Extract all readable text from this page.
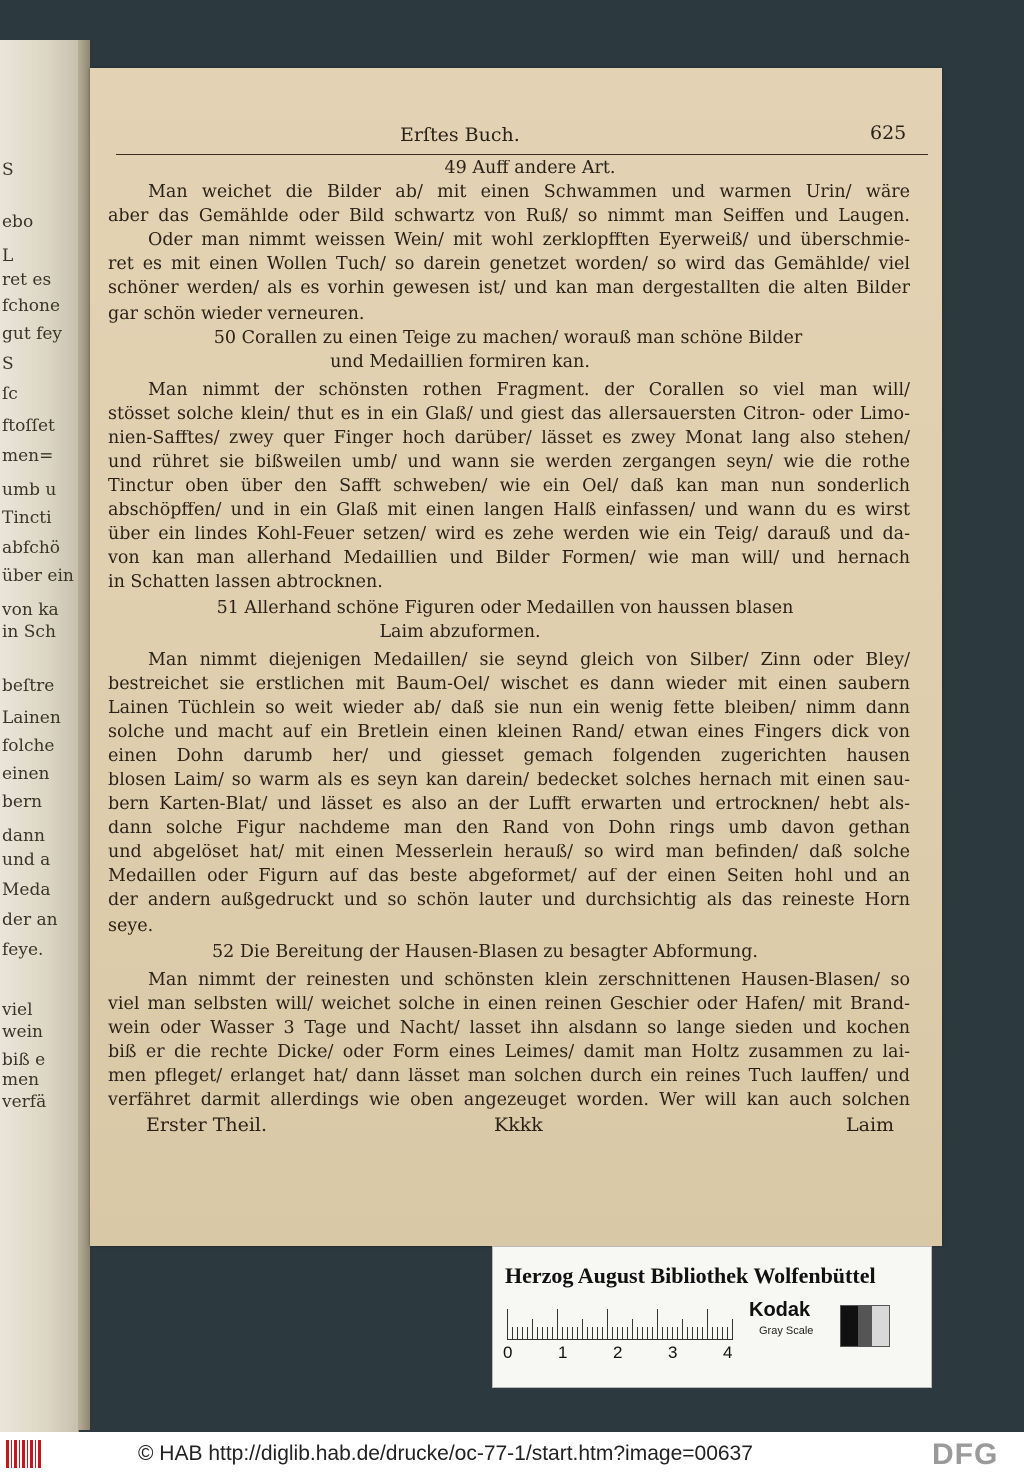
S
ebo
L
ret es
fchone
gut fey
S
ſc
ftoſſet
men=
umb u
Tincti
abfchö
über ein
von ka
in Sch
beſtre
Lainen
folche
einen
bern
dann
und a
Meda
der an
feye.
viel
wein
biß e
men
verfä
Erſtes Buch.	625
49 Auff andere Art.
Man weichet die Bilder ab/ mit einen Schwammen und warmen Urin/ wäre
aber das Gemählde oder Bild schwartz von Ruß/ so nimmt man Seiffen und Laugen.
Oder man nimmt weissen Wein/ mit wohl zerklopfften Eyerweiß/ und überschmie-
ret es mit einen Wollen Tuch/ so darein genetzet worden/ so wird das Gemählde/ viel
schöner werden/ als es vorhin gewesen ist/ und kan man dergestallten die alten Bilder
gar schön wieder verneuren.
50 Corallen zu einen Teige zu machen/ worauß man schöne Bilder
und Medaillien formiren kan.
Man nimmt der schönsten rothen Fragment. der Corallen so viel man will/
stösset solche klein/ thut es in ein Glaß/ und giest das allersauersten Citron- oder Limo-
nien-Safftes/ zwey quer Finger hoch darüber/ lässet es zwey Monat lang also stehen/
und rühret sie bißweilen umb/ und wann sie werden zergangen seyn/ wie die rothe
Tinctur oben über den Safft schweben/ wie ein Oel/ daß kan man nun sonderlich
abschöpffen/ und in ein Glaß mit einen langen Halß einfassen/ und wann du es wirst
über ein lindes Kohl-Feuer setzen/ wird es zehe werden wie ein Teig/ darauß und da-
von kan man allerhand Medaillien und Bilder Formen/ wie man will/ und hernach
in Schatten lassen abtrocknen.
51 Allerhand schöne Figuren oder Medaillen von haussen blasen
Laim abzuformen.
Man nimmt diejenigen Medaillen/ sie seynd gleich von Silber/ Zinn oder Bley/
bestreichet sie erstlichen mit Baum-Oel/ wischet es dann wieder mit einen saubern
Lainen Tüchlein so weit wieder ab/ daß sie nun ein wenig fette bleiben/ nimm dann
solche und macht auf ein Bretlein einen kleinen Rand/ etwan eines Fingers dick von
einen Dohn darumb her/ und giesset gemach folgenden zugerichten hausen
blosen Laim/ so warm als es seyn kan darein/ bedecket solches hernach mit einen sau-
bern Karten-Blat/ und lässet es also an der Lufft erwarten und ertrocknen/ hebt als-
dann solche Figur nachdeme man den Rand von Dohn rings umb davon gethan
und abgelöset hat/ mit einen Messerlein herauß/ so wird man befinden/ daß solche
Medaillen oder Figurn auf das beste abgeformet/ auf der einen Seiten hohl und an
der andern außgedruckt und so schön lauter und durchsichtig als das reineste Horn
seye.
52 Die Bereitung der Hausen-Blasen zu besagter Abformung.
Man nimmt der reinesten und schönsten klein zerschnittenen Hausen-Blasen/ so
viel man selbsten will/ weichet solche in einen reinen Geschier oder Hafen/ mit Brand-
wein oder Wasser 3 Tage und Nacht/ lasset ihn alsdann so lange sieden und kochen
biß er die rechte Dicke/ oder Form eines Leimes/ damit man Holtz zusammen zu lai-
men pfleget/ erlanget hat/ dann lässet man solchen durch ein reines Tuch lauffen/ und
verfähret darmit allerdings wie oben angezeuget worden. Wer will kan auch solchen
Erster Theil.	Kkkk	Laim
Herzog August Bibliothek Wolfenbüttel
0	1	2	3	4
Kodak
Gray Scale
© HAB http://diglib.hab.de/drucke/oc-77-1/start.htm?image=00637	DFG
